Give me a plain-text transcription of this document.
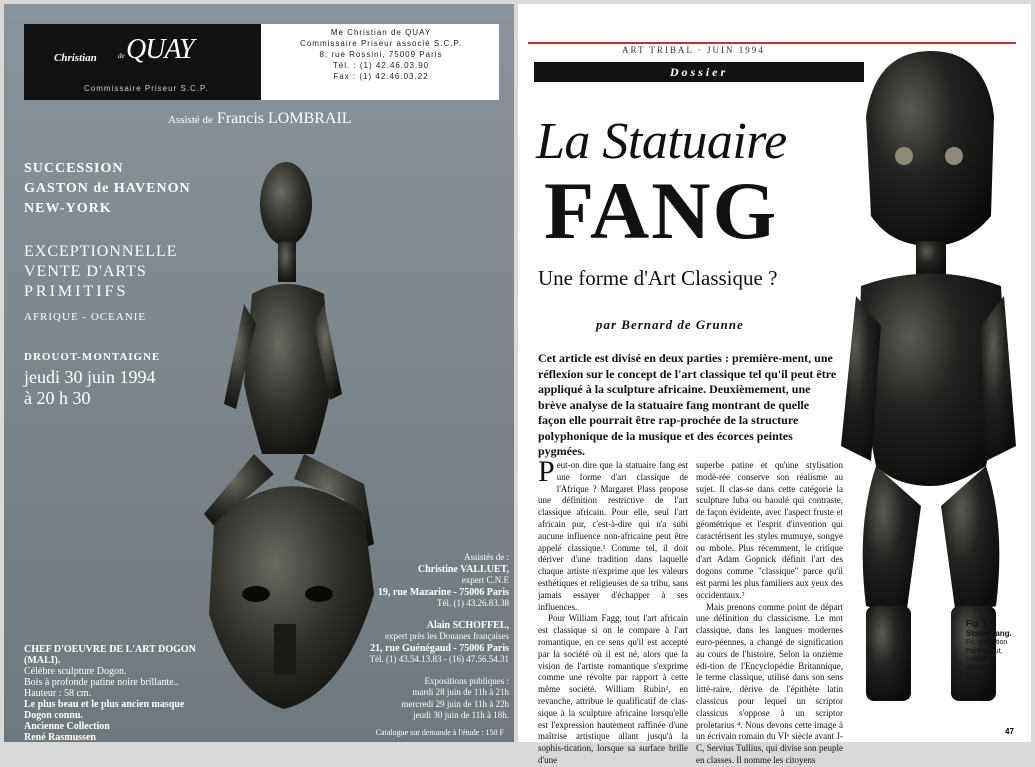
Christian	de QUAY
Commissaire Priseur S.C.P.
Me Christian de QUAY
Commissaire Priseur associé S.C.P.
8, rue Rossini, 75009 Paris
Tél. : (1) 42.46.03.90
Fax : (1) 42.46.03.22
Assisté de Francis LOMBRAIL
SUCCESSION
GASTON de HAVENON
NEW-YORK
EXCEPTIONNELLE
VENTE D'ARTS
PRIMITIFS
AFRIQUE - OCEANIE
DROUOT-MONTAIGNE
jeudi 30 juin 1994
à 20 h 30
Assistés de :
Christine VALLUET,
expert C.N.E
19, rue Mazarine - 75006 Paris
Tél. (1) 43.26.83.38
Alain SCHOFFEL,
expert près les Douanes françaises
21, rue Guénégaud - 75006 Paris
Tél. (1) 43.54.13.83 - (16) 47.56.54.31
Expositions publiques :
mardi 28 juin de 11h à 21h
mercredi 29 juin de 11h à 22h
jeudi 30 juin de 11h à 18h.
CHEF D'OEUVRE DE L'ART DOGON (MALI).
Célèbre sculpture Dogon.
Bois à profonde patine noire brillante..
Hauteur : 58 cm.
Le plus beau et le plus ancien masque Dogon connu.
Ancienne Collection
René Rasmussen	Catalogue sur demande à l'étude : 150 F
ART TRIBAL · JUIN 1994
Dossier
La Statuaire
FANG
Une forme d'Art Classique ?
par Bernard de Grunne
Cet article est divisé en deux parties : première-ment, une réflexion sur le concept de l'art classique tel qu'il peut être appliqué à la sculpture africaine. Deuxièmement, une brève analyse de la statuaire fang montrant de quelle façon elle pourrait être rap-prochée de la structure polyphonique de la musique et des écorces peintes pygmées.

Peut-on dire que la statuaire fang est une forme d'art classique de l'Afrique ? Margaret Plass propose une définition restrictive de l'art classique africain. Pour elle, seul l'art africain pur, c'est-à-dire qui n'a subi aucune influence non-africaine peut être appelé classique.¹ Comme tel, il doit dériver d'une tradition dans laquelle chaque artiste n'exprime que les valeurs esthétiques et religieuses de sa tribu, sans jamais essayer d'échapper à ses influences.

Pour William Fagg, tout l'art africain est classique si on le compare à l'art romantique, en ce sens qu'il est accepté par la société où il est né, alors que la vision de l'artiste romantique s'exprime comme une révolte par rapport à cette même société. William Rubin², en revanche, attribue le qualificatif de clas-sique à la sculpture africaine lorsqu'elle est l'expression hautement raffinée d'une maîtrise artistique allant jusqu'à la sophis-tication, lorsque sa surface brille d'une

superbe patine et qu'une stylisation modé-rée conserve son réalisme au sujet. Il clas-se dans cette catégorie la sculpture luba ou baoulé qui contraste, de façon évidente, avec l'aspect fruste et géométrique et l'esprit d'invention qui caractérisent les styles mumuye, songye ou mbole. Plus récemment, le critique d'art Adam Gopnick définit l'art des dogons comme "classique" parce qu'il est parmi les plus familiers aux yeux des occidentaux.³

Mais prenons comme point de départ une définition du classicisme. Le mot classique, dans les langues modernes euro-péennes, a changé de signification au cours de l'histoire. Selon la onzième édi-tion de l'Encyclopédie Britannique, le terme classique, utilisé dans son sens litté-raire, dérive de l'épithète latin classicus pour lequel un scriptor classicus s'oppose à un scriptor proletarius ⁴. Nous devons cette image à un écrivain romain du VIᵉ siècle avant J-C, Servius Tullius, qui divise son peuple en classes. Il nomme les citoyens

Fig. 1 :
Statue fang.
Ex. collection
Paul Rabut,
collection
Arman.
H. 48 cm.
47
